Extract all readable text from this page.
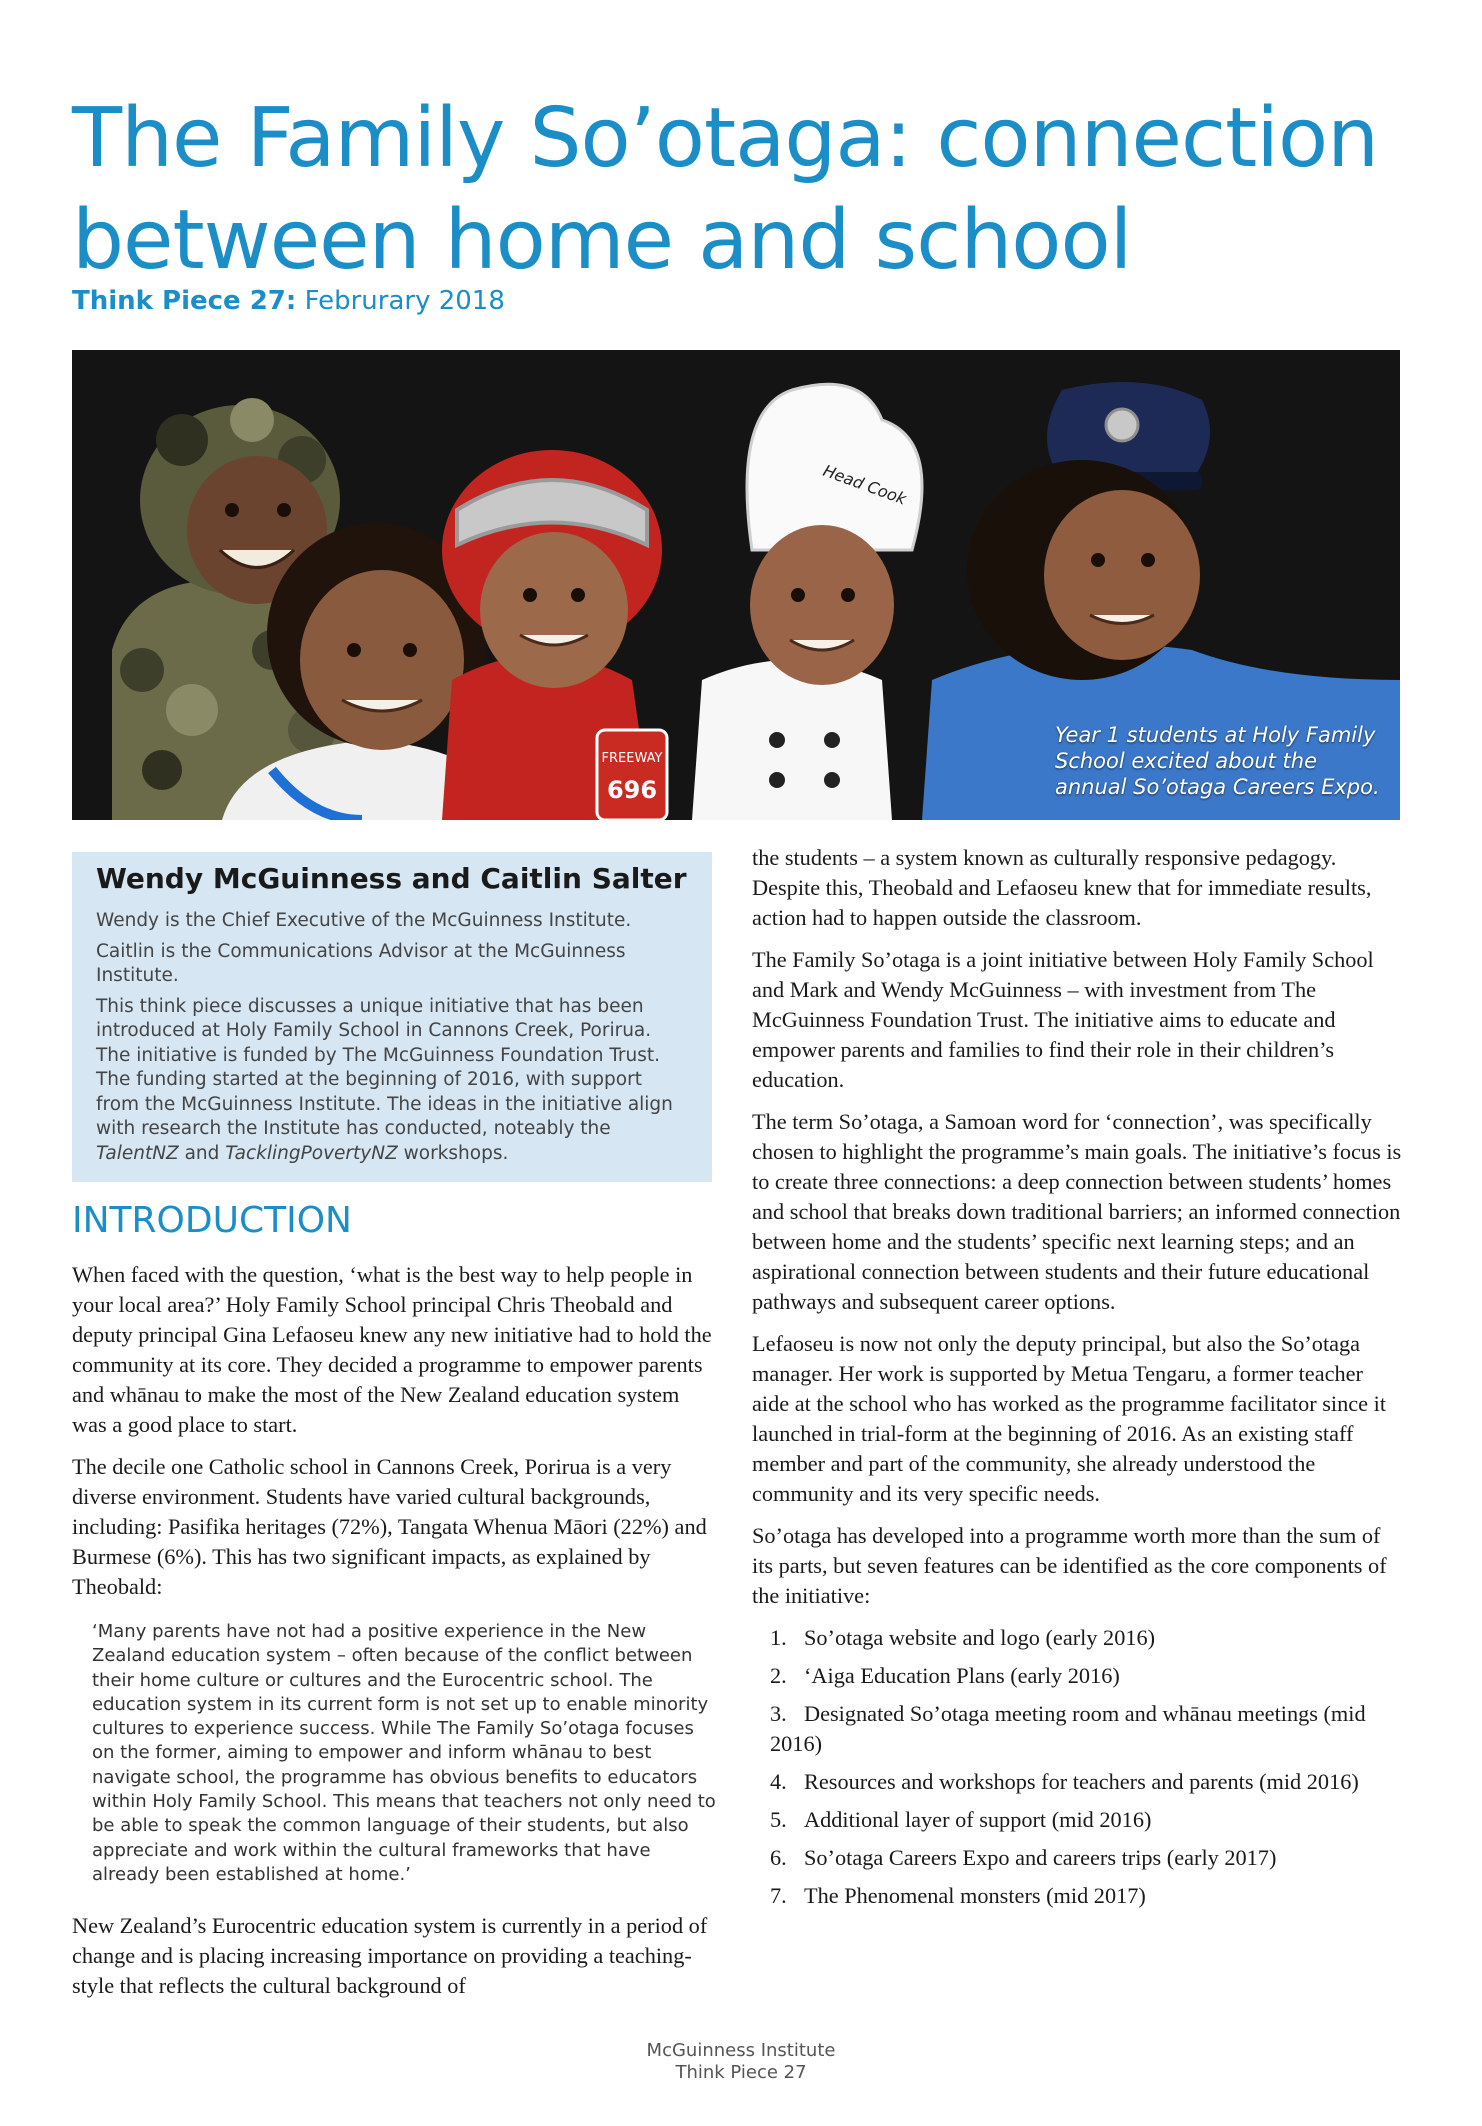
The Family So’otaga: connection between home and school
Think Piece 27: Februrary 2018
FREEWAY
696
Head Cook
Year 1 students at Holy Family School excited about the annual So’otaga Careers Expo.
Wendy McGuinness and Caitlin Salter

Wendy is the Chief Executive of the McGuinness Institute.

Caitlin is the Communications Advisor at the McGuinness Institute.

This think piece discusses a unique initiative that has been introduced at Holy Family School in Cannons Creek, Porirua. The initiative is funded by The McGuinness Foundation Trust. The funding started at the beginning of 2016, with support from the McGuinness Institute. The ideas in the initiative align with research the Institute has conducted, noteably the TalentNZ and TacklingPovertyNZ workshops.

INTRODUCTION

When faced with the question, ‘what is the best way to help people in your local area?’ Holy Family School principal Chris Theobald and deputy principal Gina Lefaoseu knew any new initiative had to hold the community at its core. They decided a programme to empower parents and whānau to make the most of the New Zealand education system was a good place to start.

The decile one Catholic school in Cannons Creek, Porirua is a very diverse environment. Students have varied cultural backgrounds, including: Pasifika heritages (72%), Tangata Whenua Māori (22%) and Burmese (6%). This has two significant impacts, as explained by Theobald:

‘Many parents have not had a positive experience in the New Zealand education system – often because of the conflict between their home culture or cultures and the Eurocentric school. The education system in its current form is not set up to enable minority cultures to experience success. While The Family So’otaga focuses on the former, aiming to empower and inform whānau to best navigate school, the programme has obvious benefits to educators within Holy Family School. This means that teachers not only need to be able to speak the common language of their students, but also appreciate and work within the cultural frameworks that have already been established at home.’

New Zealand’s Eurocentric education system is currently in a period of change and is placing increasing importance on providing a teaching-style that reflects the cultural background of

the students – a system known as culturally responsive pedagogy. Despite this, Theobald and Lefaoseu knew that for immediate results, action had to happen outside the classroom.

The Family So’otaga is a joint initiative between Holy Family School and Mark and Wendy McGuinness – with investment from The McGuinness Foundation Trust. The initiative aims to educate and empower parents and families to find their role in their children’s education.

The term So’otaga, a Samoan word for ‘connection’, was specifically chosen to highlight the programme’s main goals. The initiative’s focus is to create three connections: a deep connection between students’ homes and school that breaks down traditional barriers; an informed connection between home and the students’ specific next learning steps; and an aspirational connection between students and their future educational pathways and subsequent career options.

Lefaoseu is now not only the deputy principal, but also the So’otaga manager. Her work is supported by Metua Tengaru, a former teacher aide at the school who has worked as the programme facilitator since it launched in trial-form at the beginning of 2016. As an existing staff member and part of the community, she already understood the community and its very specific needs.

So’otaga has developed into a programme worth more than the sum of its parts, but seven features can be identified as the core components of the initiative:

1. So’otaga website and logo (early 2016)
2. ‘Aiga Education Plans (early 2016)
3. Designated So’otaga meeting room and whānau meetings (mid 2016)
4. Resources and workshops for teachers and parents (mid 2016)
5. Additional layer of support (mid 2016)
6. So’otaga Careers Expo and careers trips (early 2017)
7. The Phenomenal monsters (mid 2017)
McGuinness Institute
Think Piece 27
